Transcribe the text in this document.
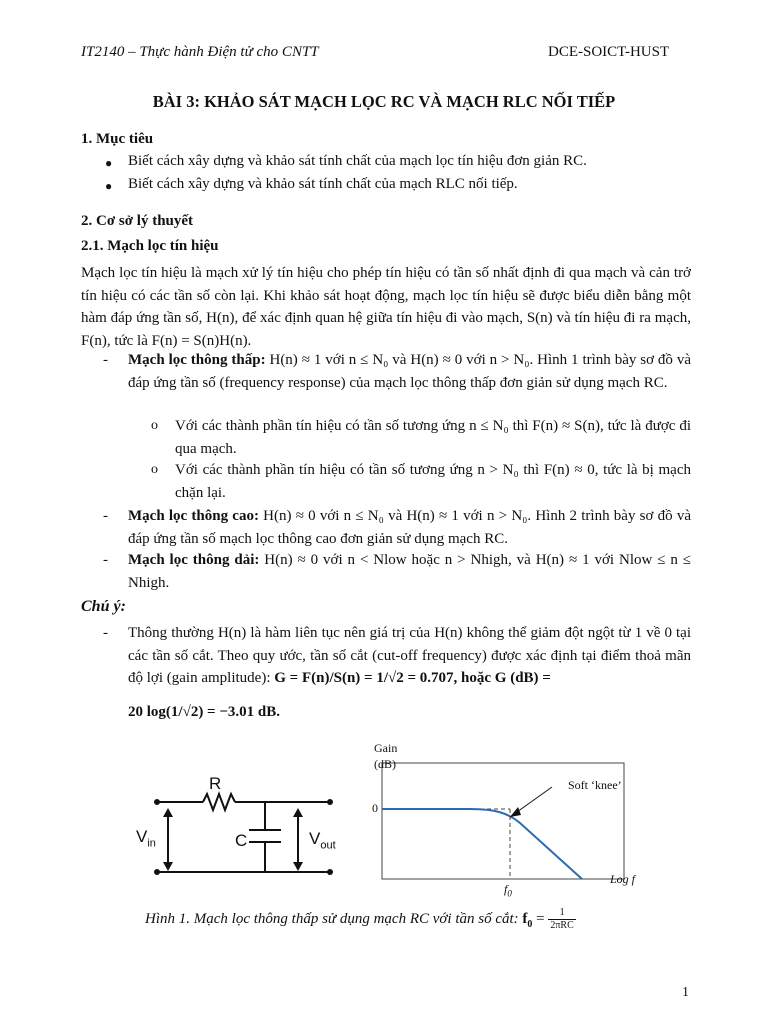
IT2140 – Thực hành Điện tử cho CNTT	DCE-SOICT-HUST
BÀI 3: KHẢO SÁT MẠCH LỌC RC VÀ MẠCH RLC NỐI TIẾP
1. Mục tiêu
● Biết cách xây dựng và khảo sát tính chất của mạch lọc tín hiệu đơn giản RC.
● Biết cách xây dựng và khảo sát tính chất của mạch RLC nối tiếp.
2. Cơ sở lý thuyết
2.1. Mạch lọc tín hiệu
Mạch lọc tín hiệu là mạch xử lý tín hiệu cho phép tín hiệu có tần số nhất định đi qua mạch và cản trở tín hiệu có các tần số còn lại. Khi khảo sát hoạt động, mạch lọc tín hiệu sẽ được biểu diễn bằng một hàm đáp ứng tần số, H(n), để xác định quan hệ giữa tín hiệu đi vào mạch, S(n) và tín hiệu đi ra mạch, F(n), tức là F(n) = S(n)H(n).
- Mạch lọc thông thấp: H(n) ≈ 1 với n ≤ N₀ và H(n) ≈ 0 với n > N₀. Hình 1 trình bày sơ đồ và đáp ứng tần số (frequency response) của mạch lọc thông thấp đơn giản sử dụng mạch RC.
o Với các thành phần tín hiệu có tần số tương ứng n ≤ N₀ thì F(n) ≈ S(n), tức là được đi qua mạch.
o Với các thành phần tín hiệu có tần số tương ứng n > N₀ thì F(n) ≈ 0, tức là bị mạch chặn lại.
- Mạch lọc thông cao: H(n) ≈ 0 với n ≤ N₀ và H(n) ≈ 1 với n > N₀. Hình 2 trình bày sơ đồ và đáp ứng tần số mạch lọc thông cao đơn giản sử dụng mạch RC.
- Mạch lọc thông dải: H(n) ≈ 0 với n < Nlow hoặc n > Nhigh, và H(n) ≈ 1 với Nlow ≤ n ≤ Nhigh.
Chú ý:
- Thông thường H(n) là hàm liên tục nên giá trị của H(n) không thể giảm đột ngột từ 1 về 0 tại các tần số cắt. Theo quy ước, tần số cắt (cut-off frequency) được xác định tại điểm thoả mãn độ lợi (gain amplitude): G = F(n)/S(n) = 1/√2 = 0.707, hoặc G (dB) =
20 log(1/√2) = −3.01 dB.
R
C
$V_{in}$	$V_{out}$
Gain
(dB)
0
Soft ‘knee’
$f_0$
Log f
Hình 1. Mạch lọc thông thấp sử dụng mạch RC với tần số cắt: $f_0$ =	1
2πRC
1
